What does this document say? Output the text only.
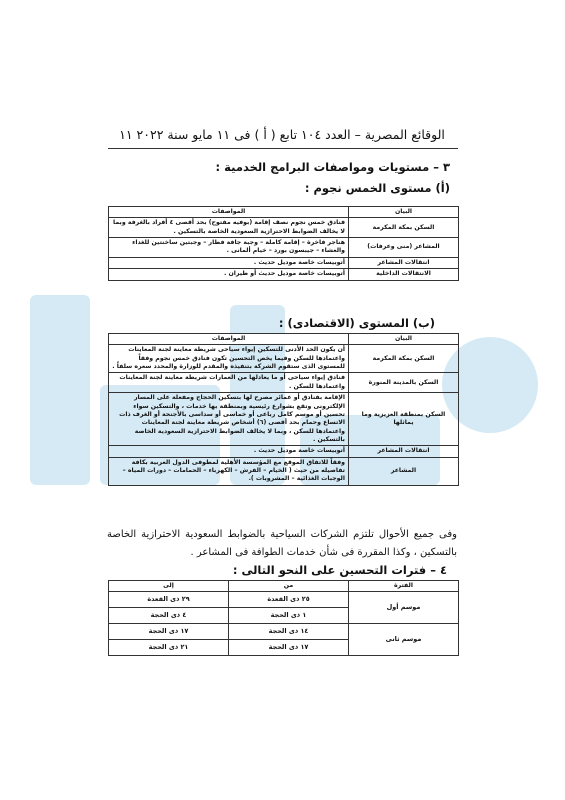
الوقائع المصرية – العدد ١٠٤ تابع ( أ ) فى ١١ مايو سنة ٢٠٢٢ ١١
٣ – مستويات ومواصفات البرامج الخدمية :
(أ) مستوى الخمس نجوم :
البيان	المواصفات
السكن بمكة المكرمة	فنادق خمس نجوم نصف إقامة (بوفيه مفتوح) بحد أقصى ٤ أفراد بالغرفة وبما لا يخالف الضوابط الاحترازية السعودية الخاصة بالتسكين .
المشاعر (منى وعرفات)	هناجر فاخرة – إقامة كاملة – وجبة جافة فطار – وجبتين ساخنتين للغداء والعشاء – جيبسون بورد – خيام ألمانى .
انتقالات المشاعر	أتوبيسات خاصة موديل حديث .
الانتقالات الداخلية	أتوبيسات خاصة موديل حديث أو طيران .
(ب) المستوى (الاقتصادى) :
البيان	المواصفات
السكن بمكة المكرمة	أن يكون الحد الأدنى للتسكين إيواء سياحى شريطة معاينة لجنة المعاينات واعتمادها للسكن وفيما يخص التحسين تكون فنادق خمس نجوم وفقاً للمستوى الذى ستقوم الشركة بتنفيذه والمقدم للوزارة والمحدد سعره سلفاً .
السكن بالمدينة المنورة	فنادق إيواء سياحى أو ما يعادلها من العمارات شريطة معاينة لجنة المعاينات واعتمادها للسكن .
السكن بمنطقة العزيزية وما يماثلها	الإقامة بفنادق أو عمائر مصرح لها بتسكين الحجاج ومفعلة على المسار الإلكترونى وتقع بشوارع رئيسية وبمنطقة بها خدمات ، والتسكين سواء تحسين أو موسم كامل رباعى أو خماسى أو سداسى بالأجنحة أو الغرف ذات الاتساع وحمام بحد أقصى (٦) أشخاص شريطة معاينة لجنة المعاينات واعتمادها للسكن ، وبما لا يخالف الضوابط الاحترازية السعودية الخاصة بالتسكين .
انتقالات المشاعر	أتوبيسات خاصة موديل حديث .
المشاعر	وفقاً للاتفاق الموقع مع المؤسسة الأهلية لمطوفى الدول العربية بكافة تفاصيله من حيث ( الخيام – الفرش – الكهرباء – الحمامات – دورات المياه – الوجبات الغذائية – المشروبات ).
وفى جميع الأحوال تلتزم الشركات السياحية بالضوابط السعودية الاحترازية الخاصة بالتسكين ، وكذا المقررة فى شأن خدمات الطوافة فى المشاعر .
٤ – فترات التحسين على النحو التالى :
الفترة	من	إلى
موسم أول	٢٥ ذى القعدة	٢٩ ذى القعدة
	١ ذى الحجة	٤ ذى الحجة
موسم ثانى	١٤ ذى الحجة	١٧ ذى الحجة
	١٧ ذى الحجة	٢١ ذى الحجة
